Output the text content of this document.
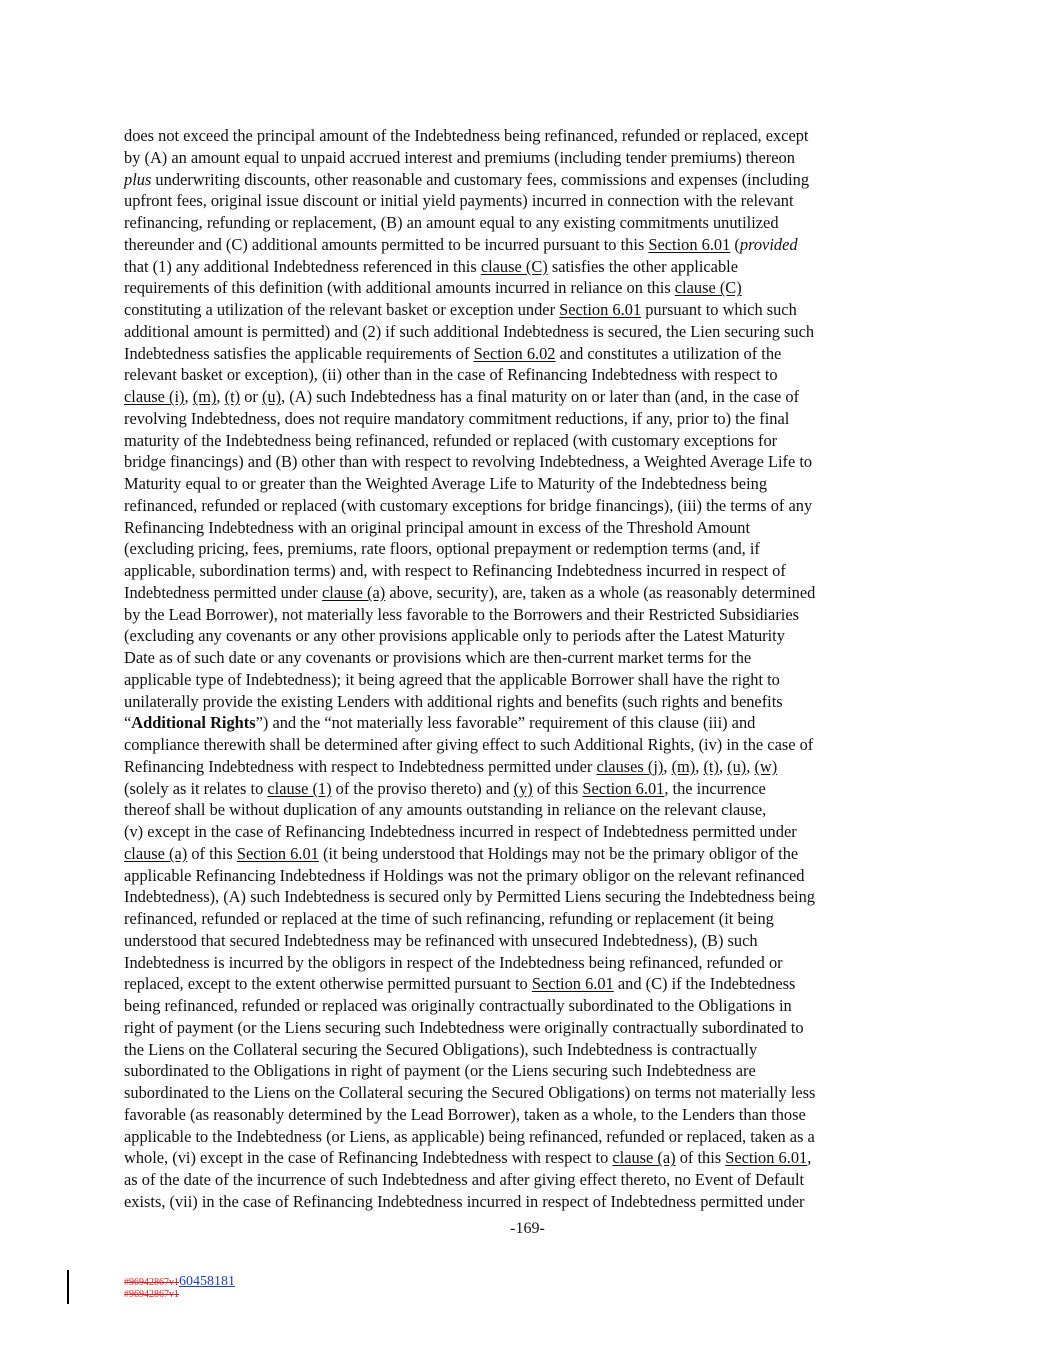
does not exceed the principal amount of the Indebtedness being refinanced, refunded or replaced, except
by (A) an amount equal to unpaid accrued interest and premiums (including tender premiums) thereon
plus underwriting discounts, other reasonable and customary fees, commissions and expenses (including
upfront fees, original issue discount or initial yield payments) incurred in connection with the relevant
refinancing, refunding or replacement, (B) an amount equal to any existing commitments unutilized
thereunder and (C) additional amounts permitted to be incurred pursuant to this Section 6.01 (provided
that (1) any additional Indebtedness referenced in this clause (C) satisfies the other applicable
requirements of this definition (with additional amounts incurred in reliance on this clause (C)
constituting a utilization of the relevant basket or exception under Section 6.01 pursuant to which such
additional amount is permitted) and (2) if such additional Indebtedness is secured, the Lien securing such
Indebtedness satisfies the applicable requirements of Section 6.02 and constitutes a utilization of the
relevant basket or exception), (ii) other than in the case of Refinancing Indebtedness with respect to
clause (i), (m), (t) or (u), (A) such Indebtedness has a final maturity on or later than (and, in the case of
revolving Indebtedness, does not require mandatory commitment reductions, if any, prior to) the final
maturity of the Indebtedness being refinanced, refunded or replaced (with customary exceptions for
bridge financings) and (B) other than with respect to revolving Indebtedness, a Weighted Average Life to
Maturity equal to or greater than the Weighted Average Life to Maturity of the Indebtedness being
refinanced, refunded or replaced (with customary exceptions for bridge financings), (iii) the terms of any
Refinancing Indebtedness with an original principal amount in excess of the Threshold Amount
(excluding pricing, fees, premiums, rate floors, optional prepayment or redemption terms (and, if
applicable, subordination terms) and, with respect to Refinancing Indebtedness incurred in respect of
Indebtedness permitted under clause (a) above, security), are, taken as a whole (as reasonably determined
by the Lead Borrower), not materially less favorable to the Borrowers and their Restricted Subsidiaries
(excluding any covenants or any other provisions applicable only to periods after the Latest Maturity
Date as of such date or any covenants or provisions which are then-current market terms for the
applicable type of Indebtedness); it being agreed that the applicable Borrower shall have the right to
unilaterally provide the existing Lenders with additional rights and benefits (such rights and benefits
“Additional Rights”) and the “not materially less favorable” requirement of this clause (iii) and
compliance therewith shall be determined after giving effect to such Additional Rights, (iv) in the case of
Refinancing Indebtedness with respect to Indebtedness permitted under clauses (j), (m), (t), (u), (w)
(solely as it relates to clause (1) of the proviso thereto) and (y) of this Section 6.01, the incurrence
thereof shall be without duplication of any amounts outstanding in reliance on the relevant clause,
(v) except in the case of Refinancing Indebtedness incurred in respect of Indebtedness permitted under
clause (a) of this Section 6.01 (it being understood that Holdings may not be the primary obligor of the
applicable Refinancing Indebtedness if Holdings was not the primary obligor on the relevant refinanced
Indebtedness), (A) such Indebtedness is secured only by Permitted Liens securing the Indebtedness being
refinanced, refunded or replaced at the time of such refinancing, refunding or replacement (it being
understood that secured Indebtedness may be refinanced with unsecured Indebtedness), (B) such
Indebtedness is incurred by the obligors in respect of the Indebtedness being refinanced, refunded or
replaced, except to the extent otherwise permitted pursuant to Section 6.01 and (C) if the Indebtedness
being refinanced, refunded or replaced was originally contractually subordinated to the Obligations in
right of payment (or the Liens securing such Indebtedness were originally contractually subordinated to
the Liens on the Collateral securing the Secured Obligations), such Indebtedness is contractually
subordinated to the Obligations in right of payment (or the Liens securing such Indebtedness are
subordinated to the Liens on the Collateral securing the Secured Obligations) on terms not materially less
favorable (as reasonably determined by the Lead Borrower), taken as a whole, to the Lenders than those
applicable to the Indebtedness (or Liens, as applicable) being refinanced, refunded or replaced, taken as a
whole, (vi) except in the case of Refinancing Indebtedness with respect to clause (a) of this Section 6.01,
as of the date of the incurrence of such Indebtedness and after giving effect thereto, no Event of Default
exists, (vii) in the case of Refinancing Indebtedness incurred in respect of Indebtedness permitted under
-169-
#96942867v160458181
#96942867v1
